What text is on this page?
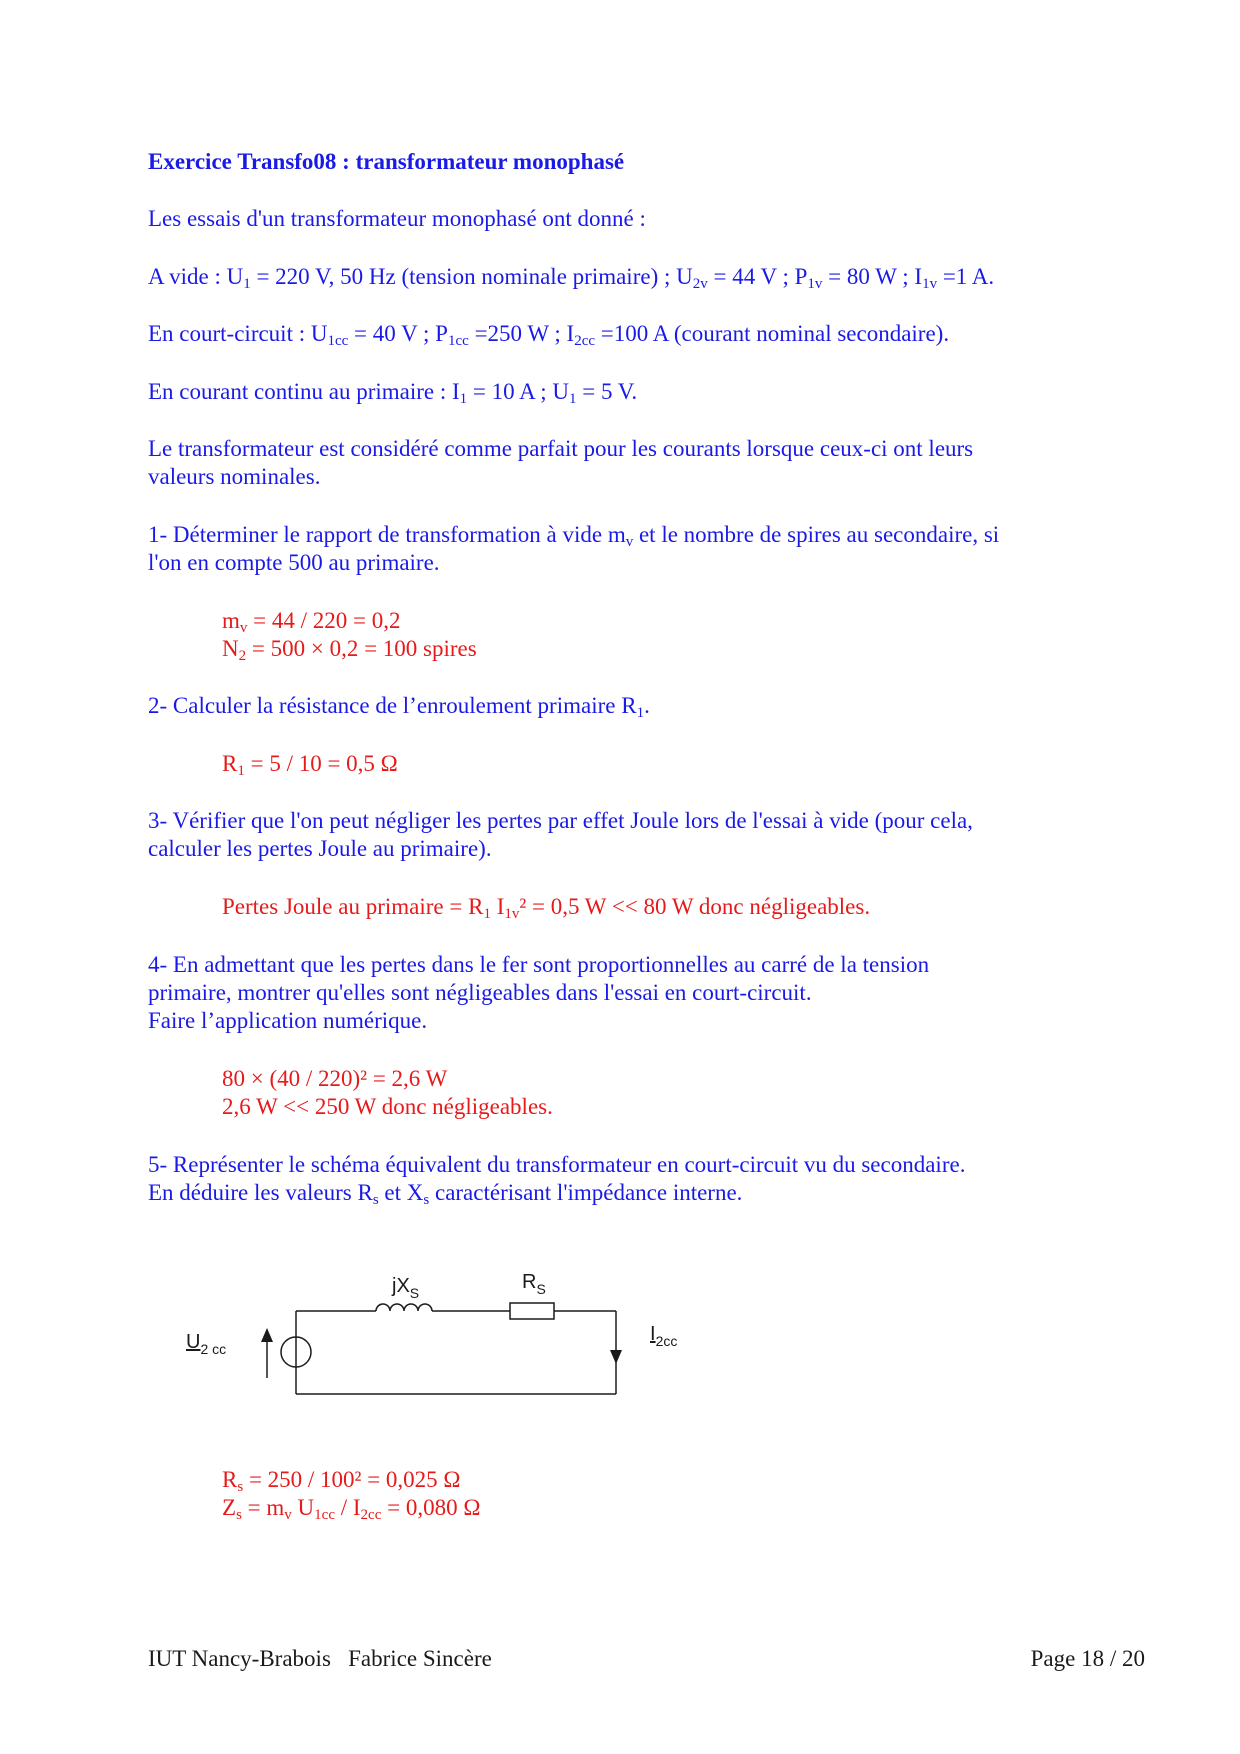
Exercice Transfo08 : transformateur monophasé
Les essais d'un transformateur monophasé ont donné :
A vide : $U_1 = 220$ V, 50 Hz (tension nominale primaire) ; $U_{2v} = 44$ V ; $P_{1v} = 80$ W ; $I_{1v} =1$ A.
En court-circuit : $U_{1cc} = 40$ V ; $P_{1cc} =250$ W ; $I_{2cc} =100$ A (courant nominal secondaire).
En courant continu au primaire : $I_1 = 10$ A ; $U_1 = 5$ V.
Le transformateur est considéré comme parfait pour les courants lorsque ceux-ci ont leurs
valeurs nominales.
1- Déterminer le rapport de transformation à vide $m_v$ et le nombre de spires au secondaire, si
l'on en compte 500 au primaire.
$m_v = 44 / 220 = 0,2$
$N_2 = 500 \times 0,2 = 100$ spires
2- Calculer la résistance de l’enroulement primaire $R_1$.
$R_1 = 5 / 10 = 0,5$ Ω
3- Vérifier que l'on peut négliger les pertes par effet Joule lors de l'essai à vide (pour cela,
calculer les pertes Joule au primaire).
Pertes Joule au primaire = $R_1$ $I_{1v}^2 = 0,5$ W << 80 W donc négligeables.
4- En admettant que les pertes dans le fer sont proportionnelles au carré de la tension
primaire, montrer qu'elles sont négligeables dans l'essai en court-circuit.
Faire l’application numérique.
80 × (40 / 220)² = 2,6 W
2,6 W << 250 W donc négligeables.
5- Représenter le schéma équivalent du transformateur en court-circuit vu du secondaire.
En déduire les valeurs $R_s$ et $X_s$ caractérisant l'impédance interne.
$jX_S$	$R_S$
$U_{2 cc}$
$I_{2cc}$
$R_s = 250 / 100^2 = 0,025$ Ω
$Z_s = m_v$ $U_{1cc} / I_{2cc} = 0,080$ Ω
IUT Nancy-Brabois   Fabrice Sincère	Page 18 / 20
